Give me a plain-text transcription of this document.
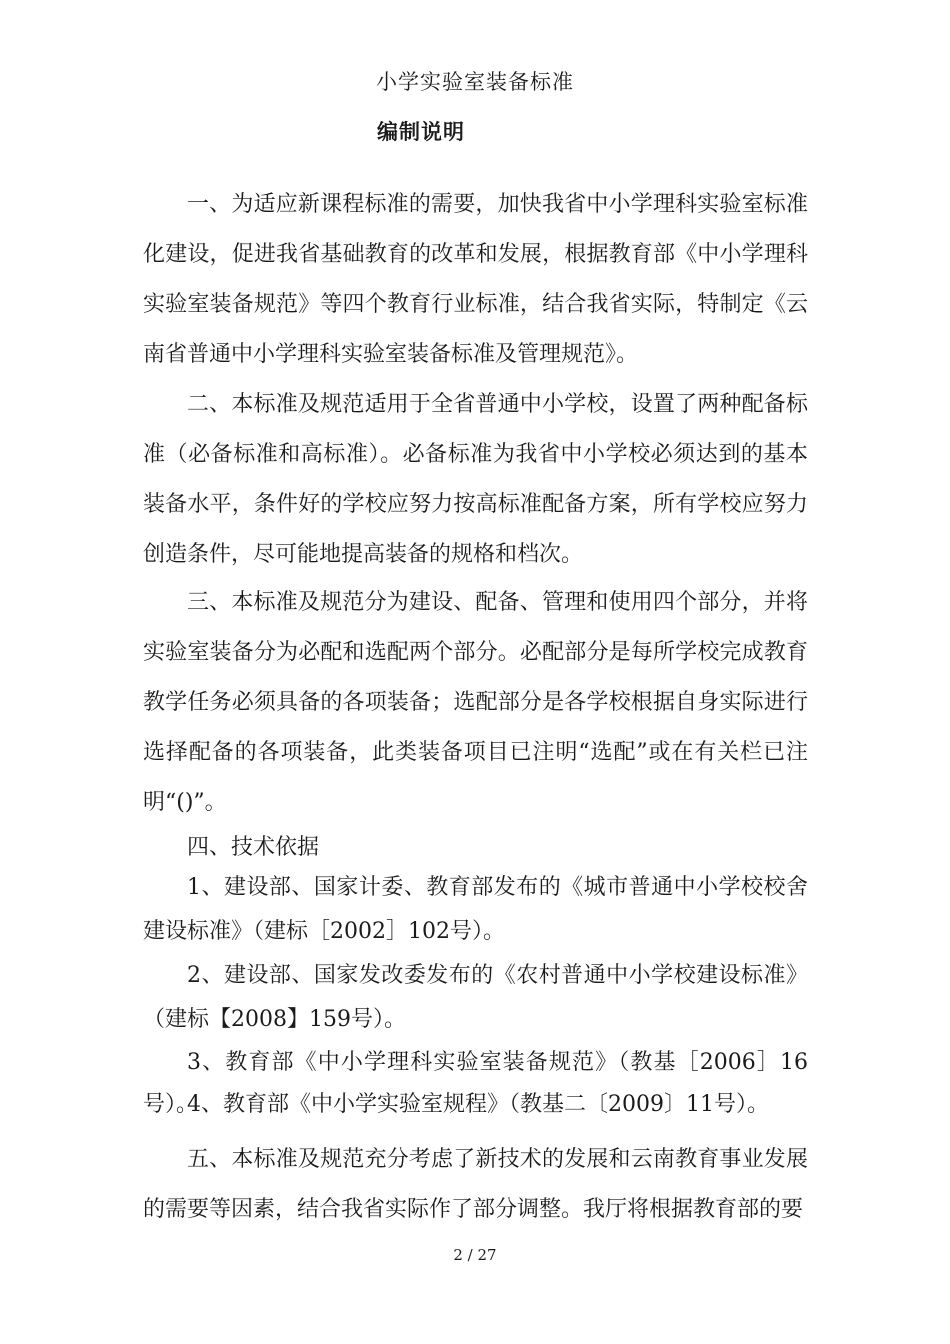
小学实验室装备标准
编制说明

一、为适应新课程标准的需要，加快我省中小学理科实验室标准化建设，促进我省基础教育的改革和发展，根据教育部《中小学理科实验室装备规范》等四个教育行业标准，结合我省实际，特制定《云南省普通中小学理科实验室装备标准及管理规范》。

二、本标准及规范适用于全省普通中小学校，设置了两种配备标准（必备标准和高标准）。必备标准为我省中小学校必须达到的基本装备水平，条件好的学校应努力按高标准配备方案，所有学校应努力创造条件，尽可能地提高装备的规格和档次。

三、本标准及规范分为建设、配备、管理和使用四个部分，并将实验室装备分为必配和选配两个部分。必配部分是每所学校完成教育教学任务必须具备的各项装备；选配部分是各学校根据自身实际进行选择配备的各项装备，此类装备项目已注明“选配”或在有关栏已注明“()”。

四、技术依据

1、建设部、国家计委、教育部发布的《城市普通中小学校校舍建设标准》（建标［2002］102号）。

2、建设部、国家发改委发布的《农村普通中小学校建设标准》（建标【2008】159号）。

3、教育部《中小学理科实验室装备规范》（教基［2006］16号）。

4、教育部《中小学实验室规程》（教基二〔2009〕11号）。

五、本标准及规范充分考虑了新技术的发展和云南教育事业发展的需要等因素，结合我省实际作了部分调整。我厅将根据教育部的要

2 / 27
